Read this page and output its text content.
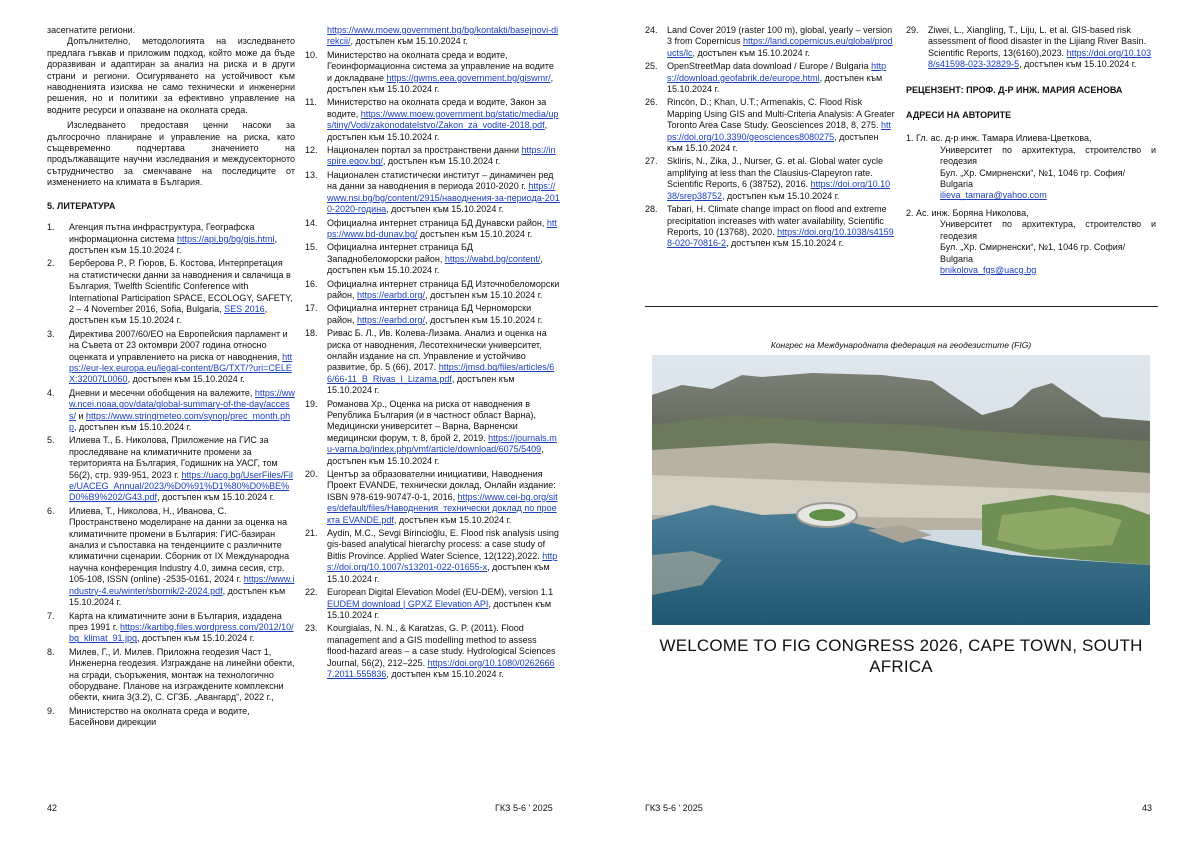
засегнатите региони.

Допълнително, методологията на изследването предлага гъвкав и приложим подход, който може да бъде доразвиван и адаптиран за анализ на риска и в други страни и региони. Осигуряването на устойчивост към наводненията изисква не само технически и инженерни решения, но и политики за ефективно управление на водните ресурси и опазване на околната среда.

Изследването предоставя ценни насоки за дългосрочно планиране и управление на риска, като същевременно подчертава значението на продължаващите научни изследвания и междусекторното сътрудничество за смекчаване на последиците от изменението на климата в България.

5. ЛИТЕРАТУРА
1. Агенция пътна инфраструктура, Географска информационна система https://api.bg/bg/gis.html, достъпен към 15.10.2024 г.
2. Берберова Р., Р. Гюров, Б. Костова, Интерпретация на статистически данни за наводнения и свлачища в България, Twelfth Scientific Conference with International Participation SPACE, ECOLOGY, SAFETY, 2 – 4 November 2016, Sofia, Bulgaria, SES 2016, достъпен към 15.10.2024 г.
3. Директива 2007/60/ЕО на Европейския парламент и на Съвета от 23 октомври 2007 година относно оценката и управлението на риска от наводнения, https://eur-lex.europa.eu/legal-content/BG/TXT/?uri=CELEX:32007L0060, достъпен към 15.10.2024 г.
4. Дневни и месечни обобщения на валежите, https://www.ncei.noaa.gov/data/global-summary-of-the-day/access/ и https://www.stringmeteo.com/synop/prec_month.php, достъпен към 15.10.2024 г.
5. Илиева Т., Б. Николова, Приложение на ГИС за проследяване на климатичните промени за територията на България, Годишник на УАСГ, том 56(2), стр. 939-951, 2023 г. https://uacg.bg/UserFiles/File/UACEG_Annual/2023/%D0%91%D1%80%D0%BE%D0%B9%202/G43.pdf, достъпен към 15.10.2024 г.
6. Илиева, Т., Николова, Н., Иванова, С. Пространствено моделиране на данни за оценка на климатичните промени в България: ГИС-базиран анализ и съпоставка на тенденциите с различните климатични сценарии. Сборник от IX Международна научна конференция Industry 4.0, зимна сесия, стр. 105-108, ISSN (online) -2535-0161, 2024 г. https://www.industry-4.eu/winter/sbornik/2-2024.pdf, достъпен към 15.10.2024 г.
7. Карта на климатичните зони в България, издадена през 1991 г. https://kartibg.files.wordpress.com/2012/10/bg_klimat_91.jpg, достъпен към 15.10.2024 г.
8. Милев, Г., И. Милев. Приложна геодезия Част 1, Инженерна геодезия. Изграждане на линейни обекти, на сгради, съоръжения, монтаж на технологично оборудване. Планове на изграждените комплексни обекти, книга 3(3.2), С. СГЗБ. „Авангард“, 2022 г.,
9. Министерство на околната среда и водите, Басейнови дирекции
https://www.moew.government.bg/bg/kontakti/basejnovi-direkcii/, достъпен към 15.10.2024 г.
10. Министерство на околната среда и водите, Геоинформационна система за управление на водите и докладване https://gwms.eea.government.bg/giswmr/, достъпен към 15.10.2024 г.
11. Министерство на околната среда и водите, Закон за водите, https://www.moew.government.bg/static/media/ups/tiny/Vodi/zakonodatelstvo/Zakon_za_vodite-2018.pdf, достъпен към 15.10.2024 г.
12. Национален портал за пространствени данни https://inspire.egov.bg/, достъпен към 15.10.2024 г.
13. Национален статистически институт – динамичен ред на данни за наводнения в периода 2010-2020 г. https://www.nsi.bg/bg/content/2915/наводнения-за-периода-2010-2020-година, достъпен към 15.10.2024 г.
14. Официална интернет страница БД Дунавски район, https://www.bd-dunav.bg/ достъпен към 15.10.2024 г.
15. Официална интернет страница БД Западнобеломорски район, https://wabd.bg/content/, достъпен към 15.10.2024 г.
16. Официална интернет страница БД Източнобеломорски район, https://earbd.org/, достъпен към 15.10.2024 г.
17. Официална интернет страница БД Черноморски район, https://earbd.org/, достъпен към 15.10.2024 г.
18. Ривас Б. Л., Ив. Колева-Лизама. Анализ и оценка на риска от наводнения, Лесотехнически университет, онлайн издание на сп. Управление и устойчиво развитие, бр. 5 (66), 2017. https://jmsd.bg/files/articles/66/66-11_B_Rivas_I_Lizama.pdf, достъпен към 15.10.2024 г.
19. Романова Хр., Оценка на риска от наводнения в Република България (и в частност област Варна), Медицински университет – Варна, Варненски медицински форум, т. 8, брой 2, 2019. https://journals.mu-varna.bg/index.php/vmf/article/download/6075/5409, достъпен към 15.10.2024 г.
20. Център за образователни инициативи, Наводнения Проект EVANDE, технически доклад, Онлайн издание: ISBN 978-619-90747-0-1, 2016, https://www.cei-bg.org/sites/default/files/Наводнения_технически доклад по проекта EVANDE.pdf, достъпен към 15.10.2024 г.
21. Aydin, M.C., Sevgi Birincioğlu, E. Flood risk analysis using gis-based analytical hierarchy process: a case study of Bitlis Province. Applied Water Science, 12(122),2022. https://doi.org/10.1007/s13201-022-01655-x, достъпен към 15.10.2024 г.
22. European Digital Elevation Model (EU-DEM), version 1.1 EUDEM download | GPXZ Elevation API, достъпен към 15.10.2024 г.
23. Kourgialas, N. N., & Karatzas, G. P. (2011). Flood management and a GIS modelling method to assess flood-hazard areas – a case study. Hydrological Sciences Journal, 56(2), 212–225. https://doi.org/10.1080/02626667.2011.555836, достъпен към 15.10.2024 г.
24. Land Cover 2019 (raster 100 m), global, yearly – version 3 from Copernicus https://land.copernicus.eu/global/products/lc, достъпен към 15.10.2024 г.
25. OpenStreetMap data download / Europe / Bulgaria https://download.geofabrik.de/europe.html, достъпен към 15.10.2024 г.
26. Rincón, D.; Khan, U.T.; Armenakis, C. Flood Risk Mapping Using GIS and Multi-Criteria Analysis: A Greater Toronto Area Case Study. Geosciences 2018, 8, 275. https://doi.org/10.3390/geosciences8080275, достъпен към 15.10.2024 г.
27. Skliris, N., Zika, J., Nurser, G. et al. Global water cycle amplifying at less than the Clausius-Clapeyron rate. Scientific Reports, 6 (38752), 2016. https://doi.org/10.1038/srep38752, достъпен към 15.10.2024 г.
28. Tabari, H. Climate change impact on flood and extreme precipitation increases with water availability, Scientific Reports, 10 (13768), 2020. https://doi.org/10.1038/s41598-020-70816-2, достъпен към 15.10.2024 г.
29. Ziwei, L., Xiangling, T., Liju, L. et al. GIS-based risk assessment of flood disaster in the Lijiang River Basin. Scientific Reports, 13(6160),2023. https://doi.org/10.1038/s41598-023-32829-5, достъпен към 15.10.2024 г.
РЕЦЕНЗЕНТ: ПРОФ. Д-Р ИНЖ. МАРИЯ АСЕНОВА
АДРЕСИ НА АВТОРИТЕ
1. Гл. ас. д-р инж. Тамара Илиева-Цветкова,
Университет по архитектура, строителство и геодезия
Бул. „Хр. Смирненски“, №1, 1046 гр. София/ Bulgaria
ilieva_tamara@yahoo.com
2. Ас. инж. Боряна Николова,
Университет по архитектура, строителство и геодезия
Бул. „Хр. Смирненски“, №1, 1046 гр. София/ Bulgaria
bnikolova_fgs@uacg.bg
Конгрес на Международната федерация на геодезистите (FIG)
WELCOME TO FIG CONGRESS 2026, CAPE TOWN, SOUTH AFRICA
42	ГКЗ 5-6 ' 2025	ГКЗ 5-6 ' 2025	43
